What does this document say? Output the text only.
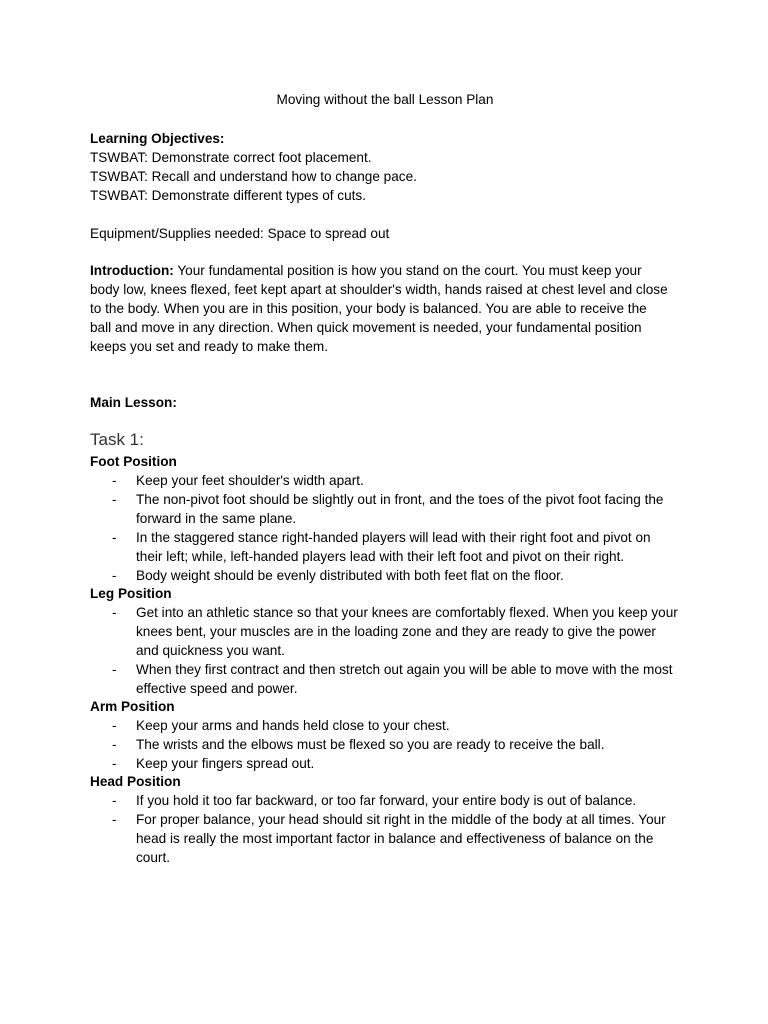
Moving without the ball Lesson Plan
Learning Objectives:
TSWBAT: Demonstrate correct foot placement.
TSWBAT: Recall and understand how to change pace.
TSWBAT: Demonstrate different types of cuts.
Equipment/Supplies needed: Space to spread out
Introduction: Your fundamental position is how you stand on the court. You must keep your
body low, knees flexed, feet kept apart at shoulder's width, hands raised at chest level and close
to the body. When you are in this position, your body is balanced. You are able to receive the
ball and move in any direction. When quick movement is needed, your fundamental position
keeps you set and ready to make them.
Main Lesson:
Task 1:
Foot Position
- Keep your feet shoulder's width apart.
- The non-pivot foot should be slightly out in front, and the toes of the pivot foot facing the forward in the same plane.
- In the staggered stance right-handed players will lead with their right foot and pivot on their left; while, left-handed players lead with their left foot and pivot on their right.
- Body weight should be evenly distributed with both feet flat on the floor.
Leg Position
- Get into an athletic stance so that your knees are comfortably flexed. When you keep your knees bent, your muscles are in the loading zone and they are ready to give the power and quickness you want.
- When they first contract and then stretch out again you will be able to move with the most effective speed and power.
Arm Position
- Keep your arms and hands held close to your chest.
- The wrists and the elbows must be flexed so you are ready to receive the ball.
- Keep your fingers spread out.
Head Position
- If you hold it too far backward, or too far forward, your entire body is out of balance.
- For proper balance, your head should sit right in the middle of the body at all times. Your head is really the most important factor in balance and effectiveness of balance on the court.
